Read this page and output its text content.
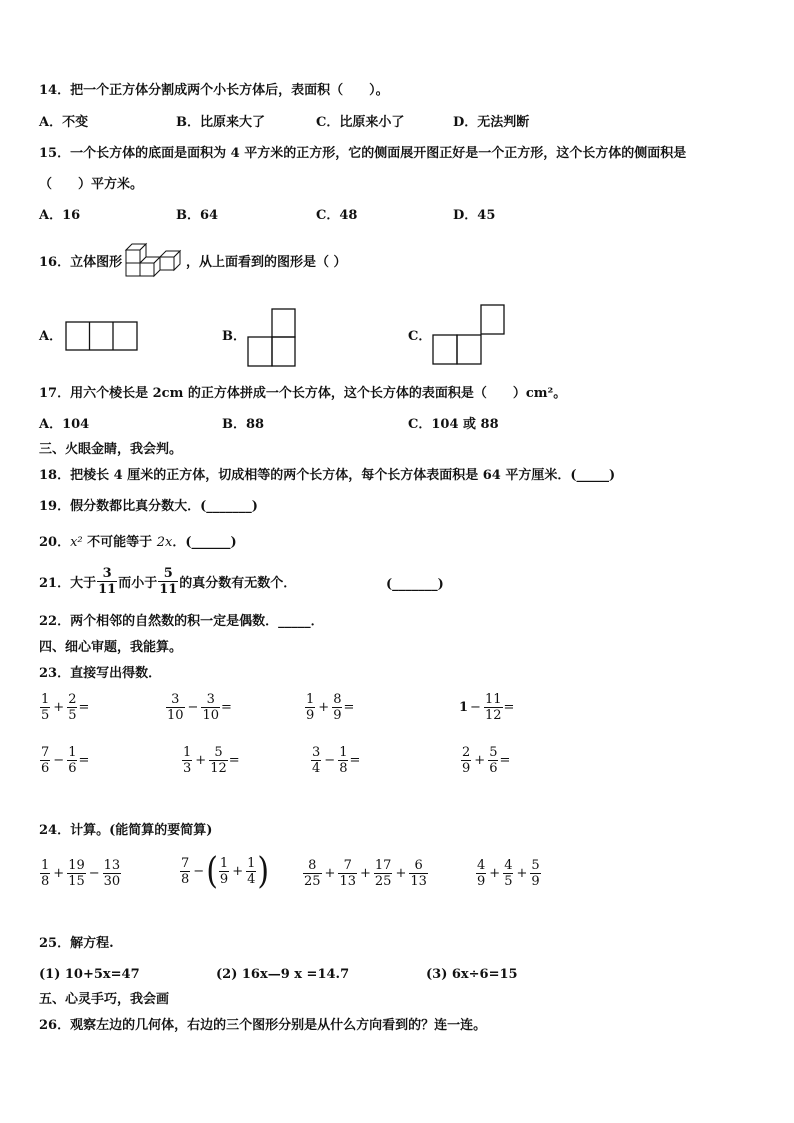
14．把一个正方体分割成两个小长方体后，表面积（　　）。
A．不变	B．比原来大了	C．比原来小了	D．无法判断
15．一个长方体的底面是面积为 4 平方米的正方形，它的侧面展开图正好是一个正方形，这个长方体的侧面积是
（　　）平方米。
A．16	B．64	C．48	D．45
16．立体图形	，从上面看到的图形是（ ）
A．	B．	C．
17．用六个棱长是 2cm 的正方体拼成一个长方体，这个长方体的表面积是（　　）cm²。
A．104	B．88	C．104 或 88
三、火眼金睛，我会判。
18．把棱长 4 厘米的正方体，切成相等的两个长方体，每个长方体表面积是 64 平方厘米．(_____)
19．假分数都比真分数大．(_______)
20．x² 不可能等于 2x．(______)
21．大于 $\frac{3}{11}$ 而小于 $\frac{5}{11}$ 的真分数有无数个．	(_______)
22．两个相邻的自然数的积一定是偶数．_____．
四、细心审题，我能算。
23．直接写出得数．
$\frac{1}{5} + \frac{2}{5}$ =	$\frac{3}{10} - \frac{3}{10}$ =	$\frac{1}{9} + \frac{8}{9}$ =	$1 - \frac{11}{12}$ =
$\frac{7}{6} - \frac{1}{6}$ =	$\frac{1}{3} + \frac{5}{12}$ =	$\frac{3}{4} - \frac{1}{8}$ =	$\frac{2}{9} + \frac{5}{6}$ =
24．计算。(能简算的要简算)
$\frac{1}{8} + \frac{19}{15} - \frac{13}{30}$	$\frac{7}{8}$ − ( $\frac{1}{9} + \frac{1}{4}$ )	$\frac{8}{25} + \frac{7}{13} + \frac{17}{25} + \frac{6}{13}$	$\frac{4}{9} + \frac{4}{5} + \frac{5}{9}$
25．解方程.
(1) 10+5x=47	(2) 16x—9 x =14.7	(3) 6x÷6=15
五、心灵手巧，我会画
26．观察左边的几何体，右边的三个图形分别是从什么方向看到的？连一连。
